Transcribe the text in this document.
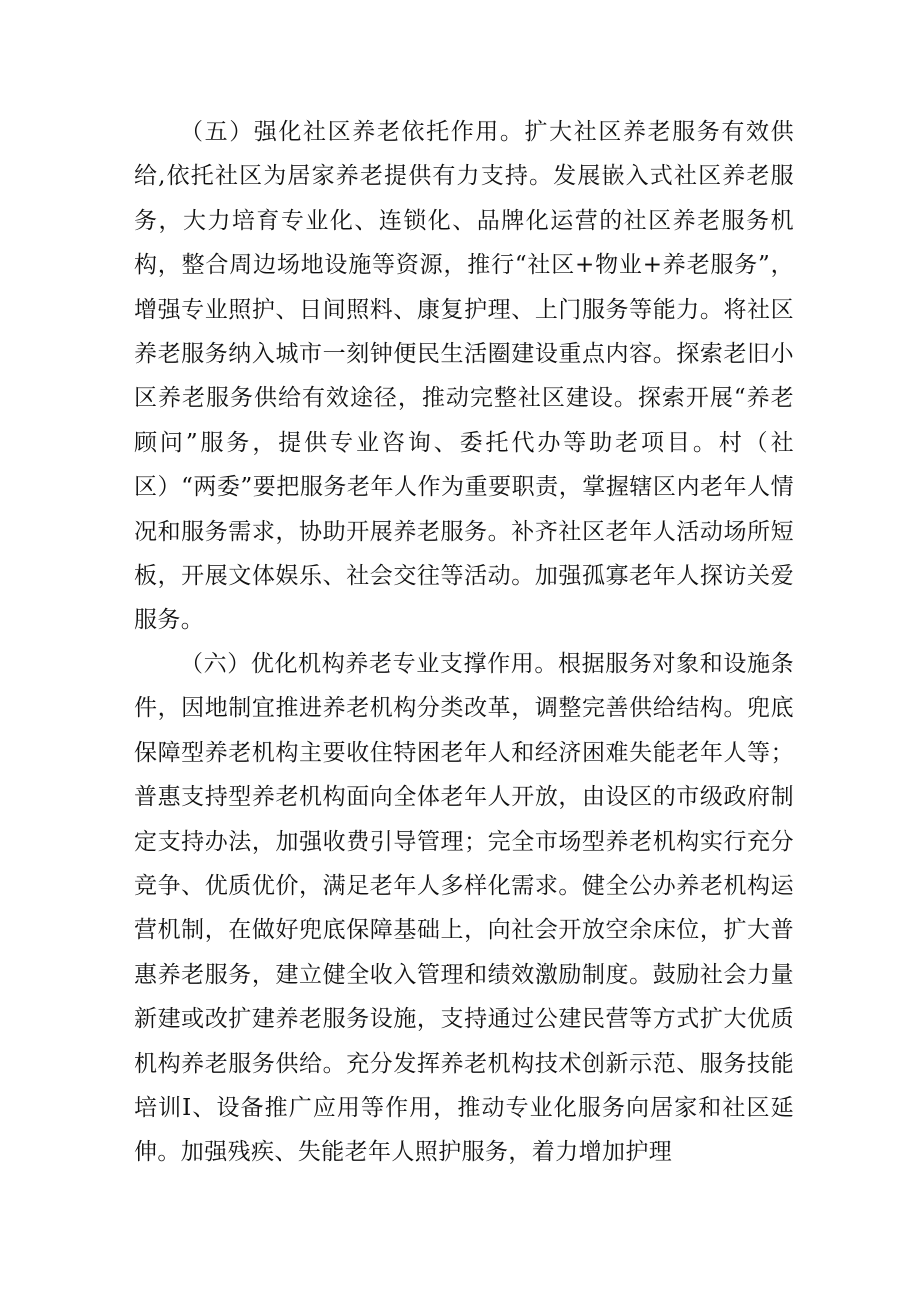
（五）强化社区养老依托作用。扩大社区养老服务有效供给,依托社区为居家养老提供有力支持。发展嵌入式社区养老服务，大力培育专业化、连锁化、品牌化运营的社区养老服务机构，整合周边场地设施等资源，推行“社区+物业+养老服务”，增强专业照护、日间照料、康复护理、上门服务等能力。将社区养老服务纳入城市一刻钟便民生活圈建设重点内容。探索老旧小区养老服务供给有效途径，推动完整社区建设。探索开展“养老顾问”服务，提供专业咨询、委托代办等助老项目。村（社区）“两委”要把服务老年人作为重要职责，掌握辖区内老年人情况和服务需求，协助开展养老服务。补齐社区老年人活动场所短板，开展文体娱乐、社会交往等活动。加强孤寡老年人探访关爱服务。

（六）优化机构养老专业支撑作用。根据服务对象和设施条件，因地制宜推进养老机构分类改革，调整完善供给结构。兜底保障型养老机构主要收住特困老年人和经济困难失能老年人等；普惠支持型养老机构面向全体老年人开放，由设区的市级政府制定支持办法，加强收费引导管理；完全市场型养老机构实行充分竞争、优质优价，满足老年人多样化需求。健全公办养老机构运营机制，在做好兜底保障基础上，向社会开放空余床位，扩大普惠养老服务，建立健全收入管理和绩效激励制度。鼓励社会力量新建或改扩建养老服务设施，支持通过公建民营等方式扩大优质机构养老服务供给。充分发挥养老机构技术创新示范、服务技能培训I、设备推广应用等作用，推动专业化服务向居家和社区延伸。加强残疾、失能老年人照护服务，着力增加护理
